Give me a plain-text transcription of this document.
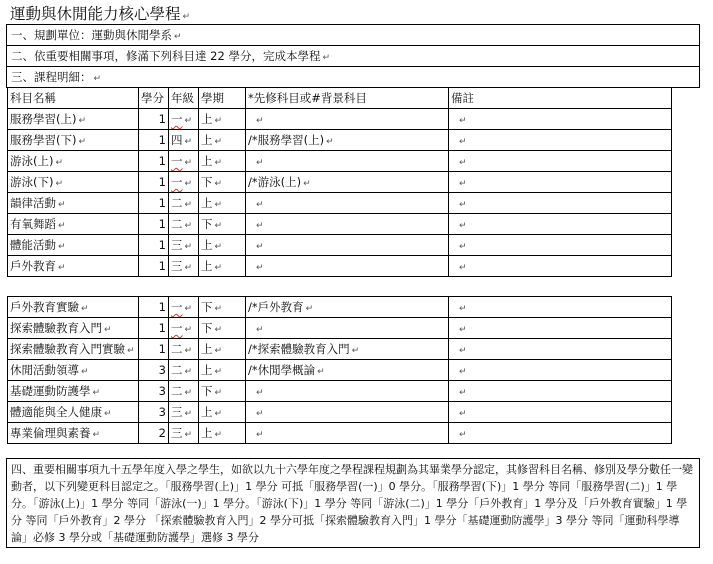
運動與休閒能力核心學程 ↵
一、規劃單位：運動與休閒學系 ↵
二、依重要相關事項，修滿下列科目達 22 學分，完成本學程 ↵
三、課程明細： ↵
科目名稱	學分	年級	學期	*先修科目或#背景科目	備註
服務學習(上) ↵	1	一 ↵	上 ↵	↵	↵
服務學習(下) ↵	1	四 ↵	上 ↵	/*服務學習(上) ↵	↵
游泳(上) ↵	1	一 ↵	上 ↵	↵	↵
游泳(下) ↵	1	一 ↵	下 ↵	/*游泳(上) ↵	↵
韻律活動 ↵	1	二 ↵	上 ↵	↵	↵
有氧舞蹈 ↵	1	二 ↵	下 ↵	↵	↵
體能活動 ↵	1	三 ↵	上 ↵	↵	↵
戶外教育 ↵	1	三 ↵	上 ↵	↵	↵
戶外教育實驗 ↵	1	一 ↵	下 ↵	/*戶外教育 ↵	↵
探索體驗教育入門 ↵	1	一 ↵	下 ↵	↵	↵
探索體驗教育入門實驗 ↵	1	二 ↵	上 ↵	/*探索體驗教育入門 ↵	↵
休閒活動領導 ↵	3	二 ↵	上 ↵	/*休閒學概論 ↵	↵
基礎運動防護學 ↵	3	二 ↵	下 ↵	↵	↵
體適能與全人健康 ↵	3	三 ↵	上 ↵	↵	↵
專業倫理與素養 ↵	2	三 ↵	上 ↵	↵	↵
四、重要相關事項九十五學年度入學之學生，如欲以九十六學年度之學程課程規劃為其畢業學分認定，其修習科目名稱、修別及學分數任一變動者，以下列變更科目認定之。「服務學習(上)」1 學分 可抵「服務學習(一)」0 學分。「服務學習(下)」1 學分 等同「服務學習(二)」1 學分。「游泳(上)」1 學分 等同「游泳(一)」1 學分。「游泳(下)」1 學分 等同「游泳(二)」1 學分「戶外教育」1 學分及「戶外教育實驗」1 學分 等同「戶外教育」2 學分 「探索體驗教育入門」2 學分可抵「探索體驗教育入門」1 學分「基礎運動防護學」3 學分 等同「運動科學導論」必修 3 學分或「基礎運動防護學」選修 3 學分
